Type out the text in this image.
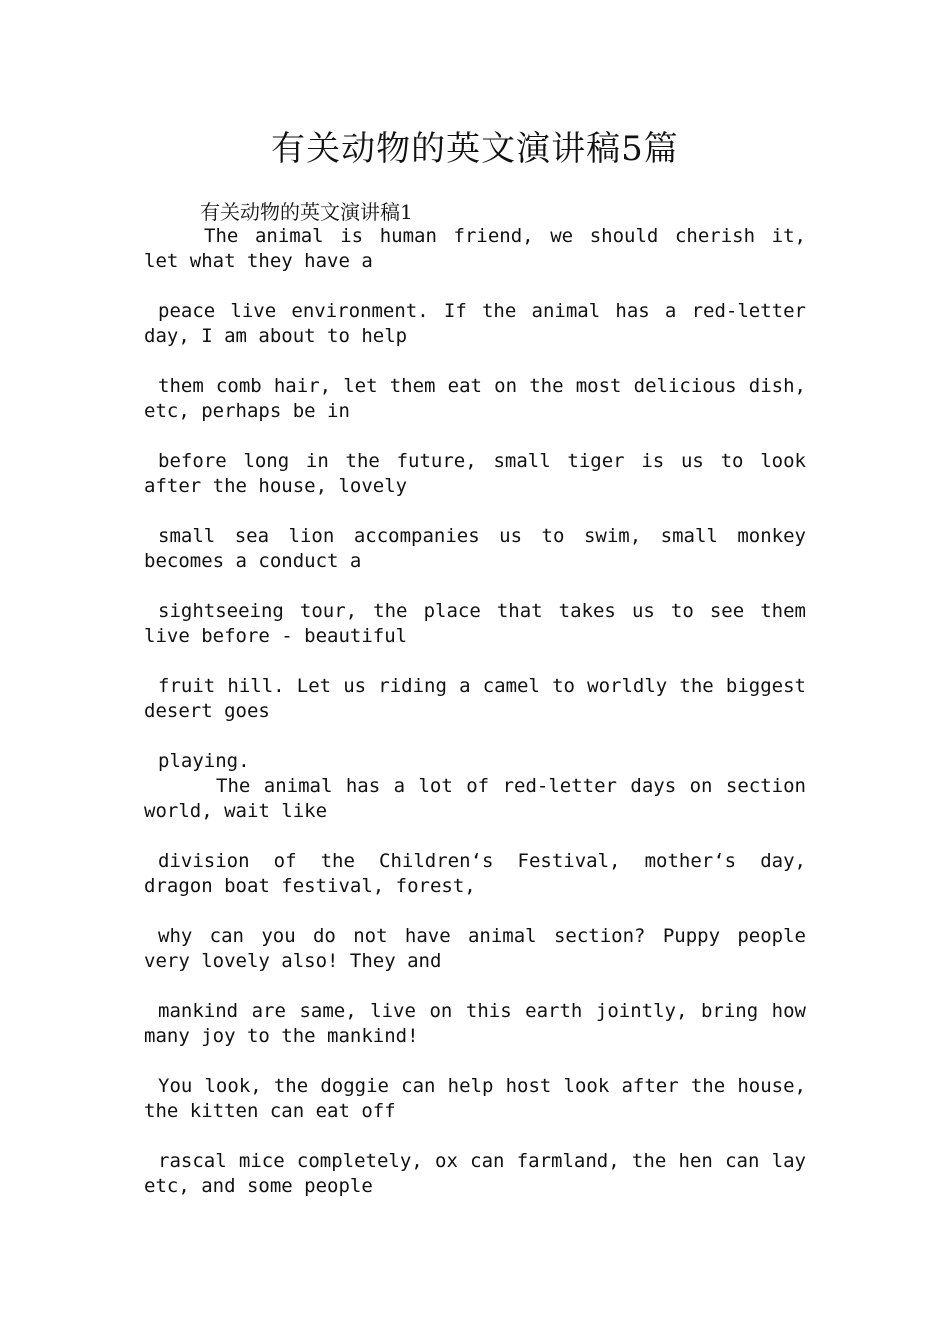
有关动物的英文演讲稿5篇
有关动物的英文演讲稿1

The animal is human friend, we should cherish it, let what they have a

peace live environment. If the animal has a red-letter day, I am about to help

them comb hair, let them eat on the most delicious dish, etc, perhaps be in

before long in the future, small tiger is us to look after the house, lovely

small sea lion accompanies us to swim, small monkey becomes a conduct a

sightseeing tour, the place that takes us to see them live before - beautiful

fruit hill. Let us riding a camel to worldly the biggest desert goes

playing.

The animal has a lot of red-letter days on section world, wait like

division of the Children‘s Festival, mother‘s day, dragon boat festival, forest,

why can you do not have animal section? Puppy people very lovely also! They and

mankind are same, live on this earth jointly, bring how many joy to the mankind!

You look, the doggie can help host look after the house, the kitten can eat off

rascal mice completely, ox can farmland, the hen can lay etc, and some people
